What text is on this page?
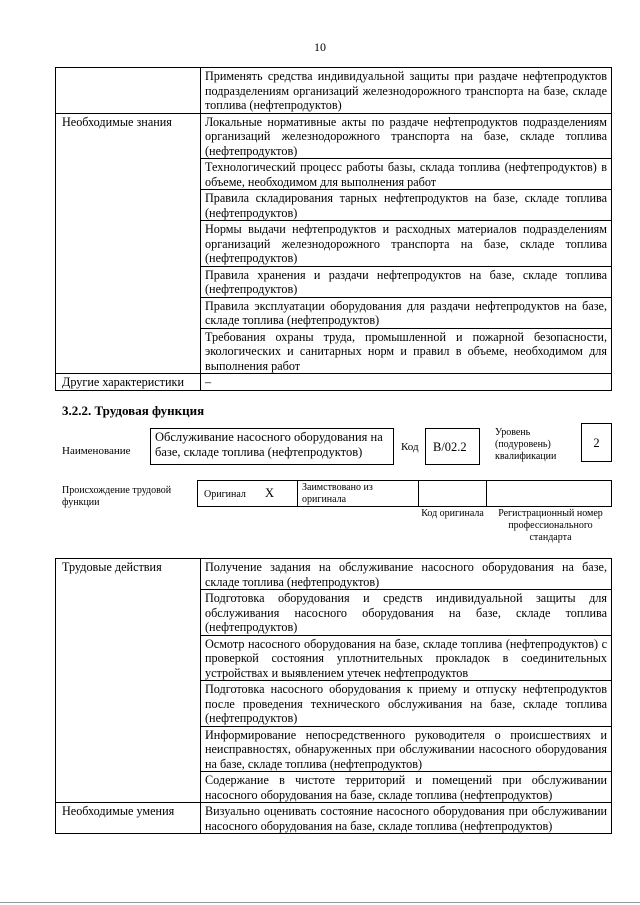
10
	Применять средства индивидуальной защиты при раздаче нефтепродуктов подразделениям организаций железнодорожного транспорта на базе, складе топлива (нефтепродуктов)
Необходимые знания	Локальные нормативные акты по раздаче нефтепродуктов подразделениям организаций железнодорожного транспорта на базе, складе топлива (нефтепродуктов)
	Технологический процесс работы базы, склада топлива (нефтепродуктов) в объеме, необходимом для выполнения работ
	Правила складирования тарных нефтепродуктов на базе, складе топлива (нефтепродуктов)
	Нормы выдачи нефтепродуктов и расходных материалов подразделениям организаций железнодорожного транспорта на базе, складе топлива (нефтепродуктов)
	Правила хранения и раздачи нефтепродуктов на базе, складе топлива (нефтепродуктов)
	Правила эксплуатации оборудования для раздачи нефтепродуктов на базе, складе топлива (нефтепродуктов)
	Требования охраны труда, промышленной и пожарной безопасности, экологических и санитарных норм и правил в объеме, необходимом для выполнения работ
Другие характеристики	–
3.2.2. Трудовая функция
Наименование
Обслуживание насосного оборудования на базе, складе топлива (нефтепродуктов)	Код В/02.2
Уровень (подуровень) квалификации
2
Происхождение трудовой функции
Оригинал Х	Заимствовано из оригинала
Код оригинала	Регистрационный номер профессионального стандарта
Трудовые действия	Получение задания на обслуживание насосного оборудования на базе, складе топлива (нефтепродуктов)
	Подготовка оборудования и средств индивидуальной защиты для обслуживания насосного оборудования на базе, складе топлива (нефтепродуктов)
	Осмотр насосного оборудования на базе, складе топлива (нефтепродуктов) с проверкой состояния уплотнительных прокладок в соединительных устройствах и выявлением утечек нефтепродуктов
	Подготовка насосного оборудования к приему и отпуску нефтепродуктов после проведения технического обслуживания на базе, складе топлива (нефтепродуктов)
	Информирование непосредственного руководителя о происшествиях и неисправностях, обнаруженных при обслуживании насосного оборудования на базе, складе топлива (нефтепродуктов)
	Содержание в чистоте территорий и помещений при обслуживании насосного оборудования на базе, складе топлива (нефтепродуктов)
Необходимые умения	Визуально оценивать состояние насосного оборудования при обслуживании насосного оборудования на базе, складе топлива (нефтепродуктов)
